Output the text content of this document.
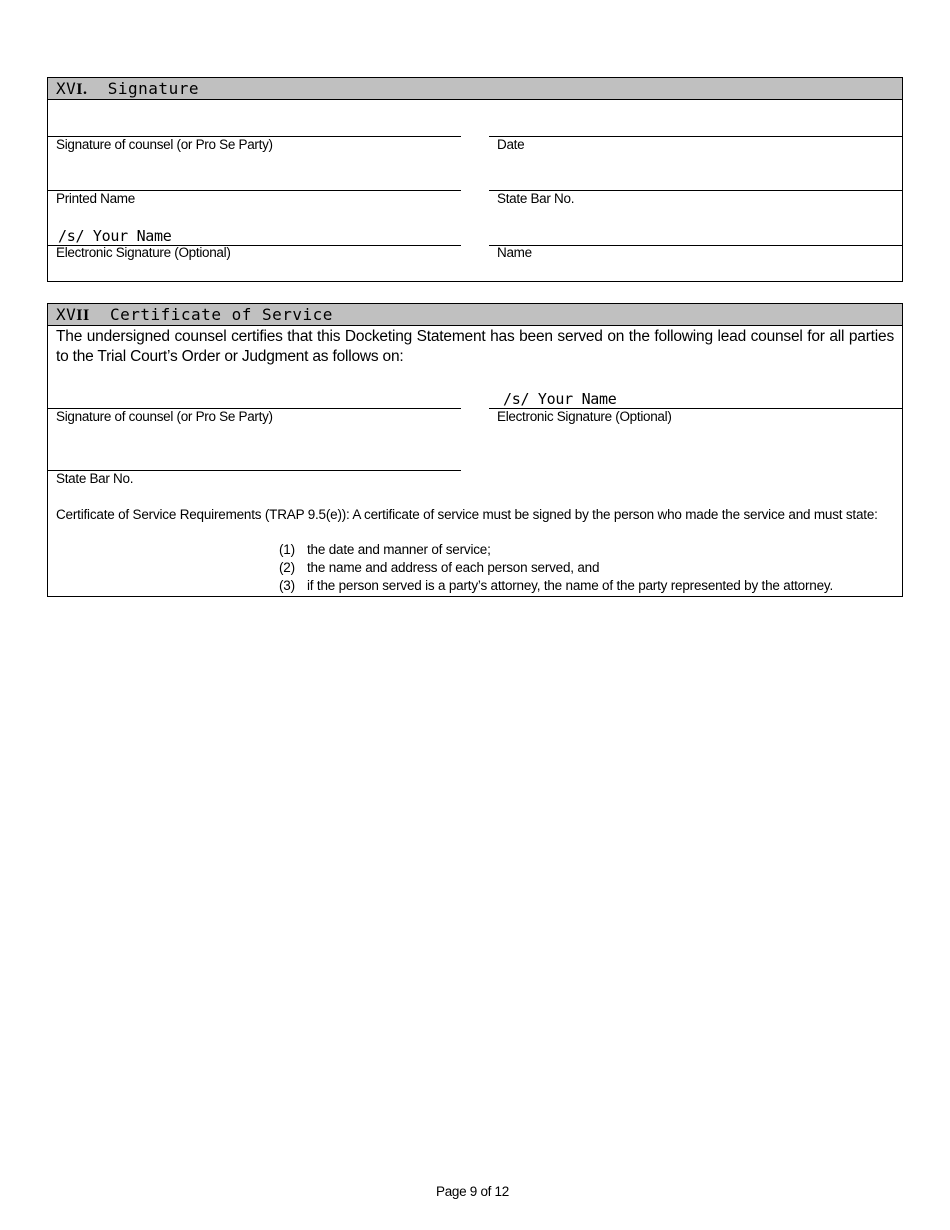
XVI. Signature
Signature of counsel (or Pro Se Party)	Date
Printed Name	State Bar No.
/s/ Your Name
Electronic Signature (Optional)	Name
XVII Certificate of Service
The undersigned counsel certifies that this Docketing Statement has been served on the following lead counsel for all parties to the Trial Court’s Order or Judgment as follows on:
/s/ Your Name
Signature of counsel (or Pro Se Party)	Electronic Signature (Optional)
State Bar No.
Certificate of Service Requirements (TRAP 9.5(e)): A certificate of service must be signed by the person who made the service and must state:
(1) the date and manner of service;
(2) the name and address of each person served, and
(3) if the person served is a party’s attorney, the name of the party represented by the attorney.
Page 9 of 12
